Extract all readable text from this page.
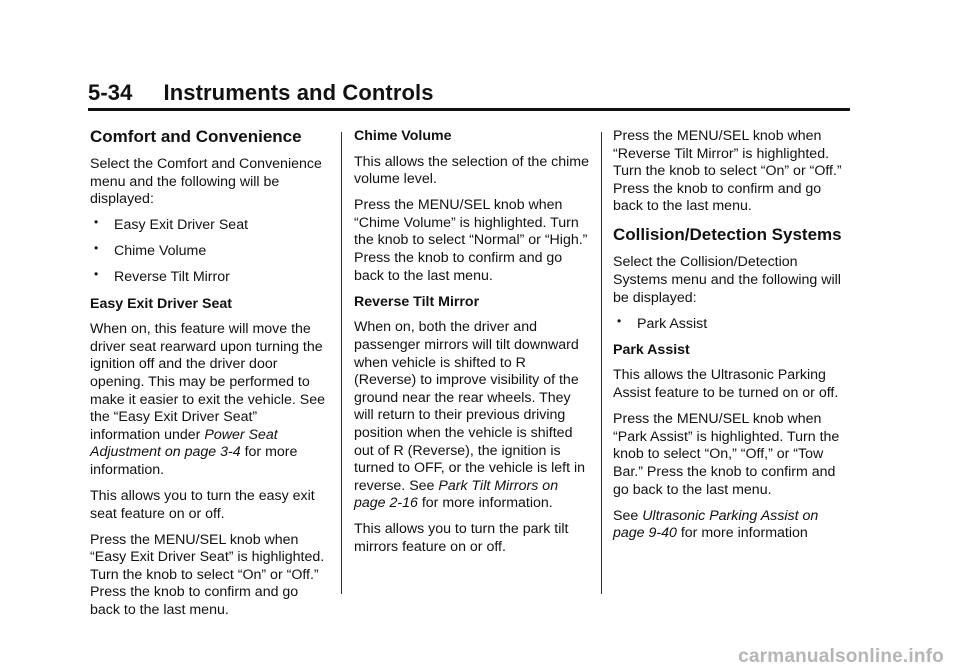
5-34     Instruments and Controls
Comfort and Convenience

Select the Comfort and Convenience menu and the following will be displayed:

• Easy Exit Driver Seat
• Chime Volume
• Reverse Tilt Mirror
Easy Exit Driver Seat

When on, this feature will move the driver seat rearward upon turning the ignition off and the driver door opening. This may be performed to make it easier to exit the vehicle. See the “Easy Exit Driver Seat” information under Power Seat Adjustment on page 3‑4 for more information.

This allows you to turn the easy exit seat feature on or off.

Press the MENU/SEL knob when “Easy Exit Driver Seat” is highlighted. Turn the knob to select “On” or “Off.” Press the knob to confirm and go back to the last menu.

Chime Volume

This allows the selection of the chime volume level.

Press the MENU/SEL knob when “Chime Volume” is highlighted. Turn the knob to select “Normal” or “High.” Press the knob to confirm and go back to the last menu.

Reverse Tilt Mirror

When on, both the driver and passenger mirrors will tilt downward when vehicle is shifted to R (Reverse) to improve visibility of the ground near the rear wheels. They will return to their previous driving position when the vehicle is shifted out of R (Reverse), the ignition is turned to OFF, or the vehicle is left in reverse. See Park Tilt Mirrors on page 2‑16 for more information.

This allows you to turn the park tilt mirrors feature on or off.

Press the MENU/SEL knob when “Reverse Tilt Mirror” is highlighted. Turn the knob to select “On” or “Off.” Press the knob to confirm and go back to the last menu.

Collision/Detection Systems

Select the Collision/Detection Systems menu and the following will be displayed:

• Park Assist
Park Assist

This allows the Ultrasonic Parking Assist feature to be turned on or off.

Press the MENU/SEL knob when “Park Assist” is highlighted. Turn the knob to select “On,” “Off,” or “Tow Bar.” Press the knob to confirm and go back to the last menu.

See Ultrasonic Parking Assist on page 9‑40 for more information

carmanualsonline.info
